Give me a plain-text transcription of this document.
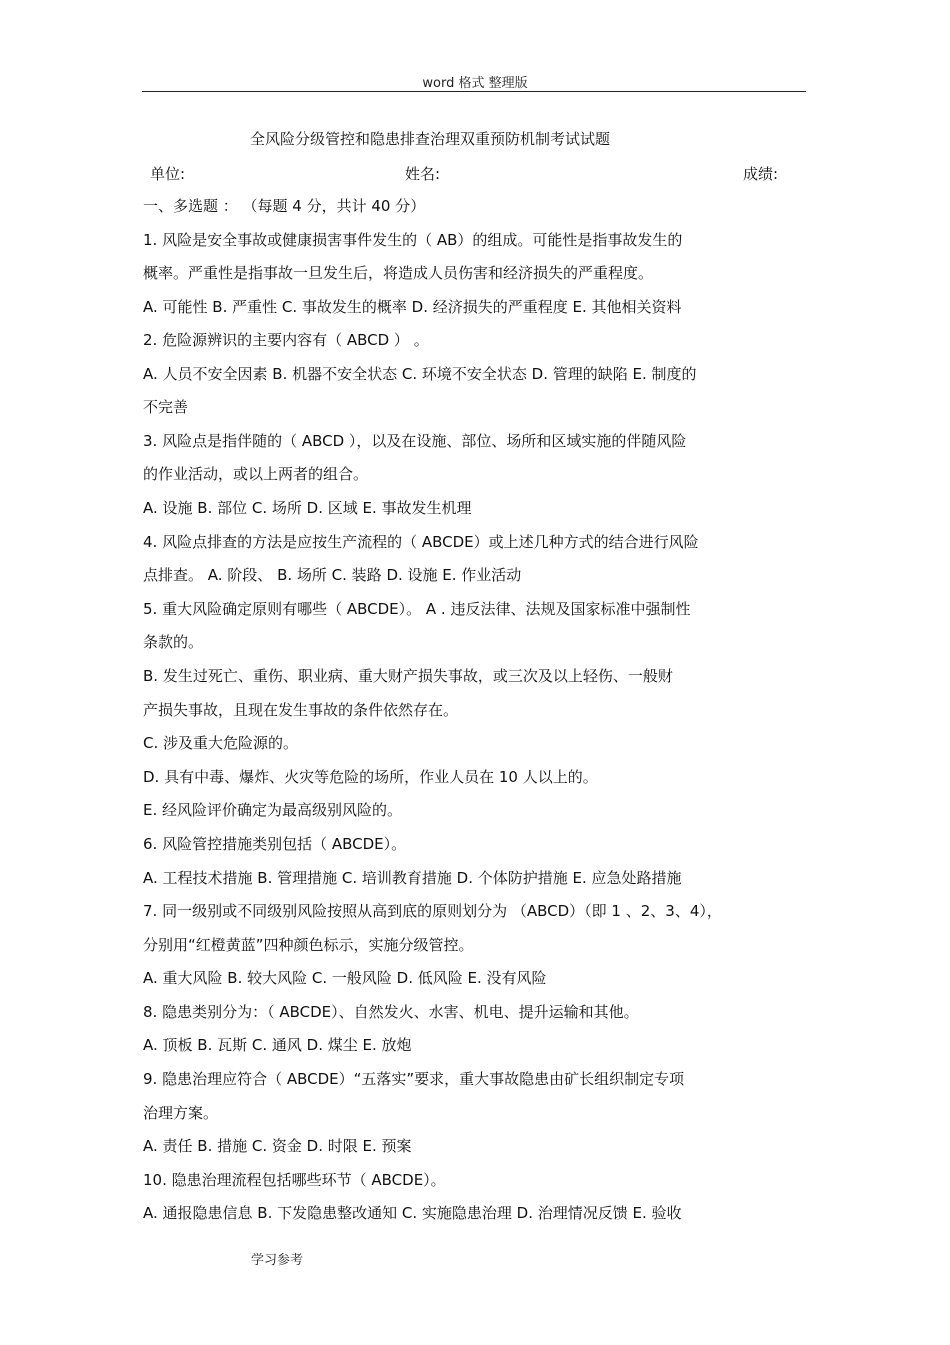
word 格式 整理版
全风险分级管控和隐患排查治理双重预防机制考试试题
单位:	姓名:	成绩:
一、多选题 ： （每题 4 分，共计 40 分）
1. 风险是安全事故或健康损害事件发生的（ AB）的组成。可能性是指事故发生的
概率。严重性是指事故一旦发生后，将造成人员伤害和经济损失的严重程度。
A. 可能性 B. 严重性 C. 事故发生的概率 D. 经济损失的严重程度 E. 其他相关资料
2. 危险源辨识的主要内容有（ ABCD ） 。
A. 人员不安全因素 B. 机器不安全状态 C. 环境不安全状态 D. 管理的缺陷 E. 制度的
不完善
3. 风险点是指伴随的（ ABCD ），以及在设施、部位、场所和区域实施的伴随风险
的作业活动，或以上两者的组合。
A. 设施 B. 部位 C. 场所 D. 区域 E. 事故发生机理
4. 风险点排查的方法是应按生产流程的（ ABCDE）或上述几种方式的结合进行风险
点排查。 A. 阶段、 B. 场所 C. 装路 D. 设施 E. 作业活动
5. 重大风险确定原则有哪些（ ABCDE）。 A . 违反法律、法规及国家标准中强制性
条款的。
B. 发生过死亡、重伤、职业病、重大财产损失事故，或三次及以上轻伤、一般财
产损失事故，且现在发生事故的条件依然存在。
C. 涉及重大危险源的。
D. 具有中毒、爆炸、火灾等危险的场所，作业人员在 10 人以上的。
E. 经风险评价确定为最高级别风险的。
6. 风险管控措施类别包括（ ABCDE）。
A. 工程技术措施 B. 管理措施 C. 培训教育措施 D. 个体防护措施 E. 应急处路措施
7. 同一级别或不同级别风险按照从高到底的原则划分为 （ABCD）（即 1 、2、3、4），
分别用“红橙黄蓝”四种颜色标示，实施分级管控。
A. 重大风险 B. 较大风险 C. 一般风险 D. 低风险 E. 没有风险
8. 隐患类别分为：（ ABCDE）、自然发火、水害、机电、提升运输和其他。
A. 顶板 B. 瓦斯 C. 通风 D. 煤尘 E. 放炮
9. 隐患治理应符合（ ABCDE）“五落实”要求，重大事故隐患由矿长组织制定专项
治理方案。
A. 责任 B. 措施 C. 资金 D. 时限 E. 预案
10. 隐患治理流程包括哪些环节（ ABCDE）。
A. 通报隐患信息 B. 下发隐患整改通知 C. 实施隐患治理 D. 治理情况反馈 E. 验收
学习参考
